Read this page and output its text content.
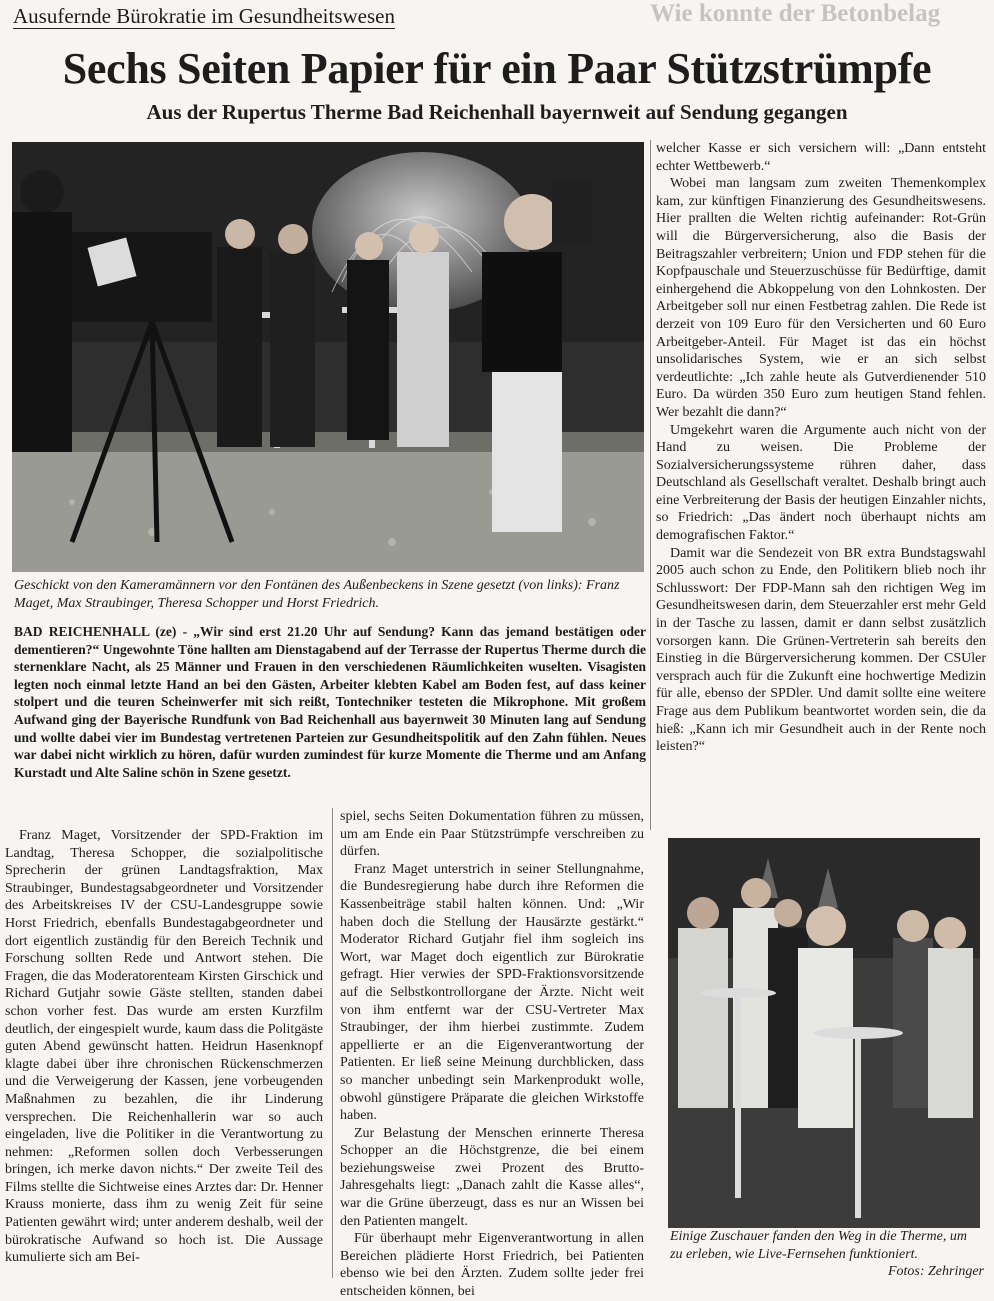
Ausufernde Bürokratie im Gesundheitswesen	Wie konnte der Betonbelag
Sechs Seiten Papier für ein Paar Stützstrümpfe
Aus der Rupertus Therme Bad Reichenhall bayernweit auf Sendung gegangen
Geschickt von den Kameramännern vor den Fontänen des Außenbeckens in Szene gesetzt (von links): Franz Maget, Max Straubinger, Theresa Schopper und Horst Friedrich.
BAD REICHENHALL (ze) - „Wir sind erst 21.20 Uhr auf Sendung? Kann das jemand bestätigen oder dementieren?“ Ungewohnte Töne hallten am Dienstagabend auf der Terrasse der Rupertus Therme durch die sternenklare Nacht, als 25 Männer und Frauen in den verschiedenen Räumlichkeiten wuselten. Visagisten legten noch einmal letzte Hand an bei den Gästen, Arbeiter klebten Kabel am Boden fest, auf dass keiner stolpert und die teuren Scheinwerfer mit sich reißt, Tontechniker testeten die Mikrophone. Mit großem Aufwand ging der Bayerische Rundfunk von Bad Reichenhall aus bayernweit 30 Minuten lang auf Sendung und wollte dabei vier im Bundestag vertretenen Parteien zur Gesundheitspolitik auf den Zahn fühlen. Neues war dabei nicht wirklich zu hören, dafür wurden zumindest für kurze Momente die Therme und am Anfang Kurstadt und Alte Saline schön in Szene gesetzt.

Franz Maget, Vorsitzender der SPD-Fraktion im Landtag, Theresa Schopper, die sozialpolitische Sprecherin der grünen Landtagsfraktion, Max Straubinger, Bundestagsabgeordneter und Vorsitzender des Arbeitskreises IV der CSU-Landesgruppe sowie Horst Friedrich, ebenfalls Bundestagabgeordneter und dort eigentlich zuständig für den Bereich Technik und Forschung sollten Rede und Antwort stehen. Die Fragen, die das Moderatorenteam Kirsten Girschick und Richard Gutjahr sowie Gäste stellten, standen dabei schon vorher fest. Das wurde am ersten Kurzfilm deutlich, der eingespielt wurde, kaum dass die Politgäste guten Abend gewünscht hatten. Heidrun Hasenknopf klagte dabei über ihre chronischen Rückenschmerzen und die Verweigerung der Kassen, jene vorbeugenden Maßnahmen zu bezahlen, die ihr Linderung versprechen. Die Reichenhallerin war so auch eingeladen, live die Politiker in die Verantwortung zu nehmen: „Reformen sollen doch Verbesserungen bringen, ich merke davon nichts.“ Der zweite Teil des Films stellte die Sichtweise eines Arztes dar: Dr. Henner Krauss monierte, dass ihm zu wenig Zeit für seine Patienten gewährt wird; unter anderem deshalb, weil der bürokratische Aufwand so hoch ist. Die Aussage kumulierte sich am Bei-

spiel, sechs Seiten Dokumentation führen zu müssen, um am Ende ein Paar Stützstrümpfe verschreiben zu dürfen.

Franz Maget unterstrich in seiner Stellungnahme, die Bundesregierung habe durch ihre Reformen die Kassenbeiträge stabil halten können. Und: „Wir haben doch die Stellung der Hausärzte gestärkt.“ Moderator Richard Gutjahr fiel ihm sogleich ins Wort, war Maget doch eigentlich zur Bürokratie gefragt. Hier verwies der SPD-Fraktionsvorsitzende auf die Selbstkontrollorgane der Ärzte. Nicht weit von ihm entfernt war der CSU-Vertreter Max Straubinger, der ihm hierbei zustimmte. Zudem appellierte er an die Eigenverantwortung der Patienten. Er ließ seine Meinung durchblicken, dass so mancher unbedingt sein Markenprodukt wolle, obwohl günstigere Präparate die gleichen Wirkstoffe haben.

Zur Belastung der Menschen erinnerte Theresa Schopper an die Höchstgrenze, die bei einem beziehungsweise zwei Prozent des Brutto-Jahresgehalts liegt: „Danach zahlt die Kasse alles“, war die Grüne überzeugt, dass es nur an Wissen bei den Patienten mangelt.

Für überhaupt mehr Eigenverantwortung in allen Bereichen plädierte Horst Friedrich, bei Patienten ebenso wie bei den Ärzten. Zudem sollte jeder frei entscheiden können, bei

welcher Kasse er sich versichern will: „Dann entsteht echter Wettbewerb.“

Wobei man langsam zum zweiten Themenkomplex kam, zur künftigen Finanzierung des Gesundheitswesens. Hier prallten die Welten richtig aufeinander: Rot-Grün will die Bürgerversicherung, also die Basis der Beitragszahler verbreitern; Union und FDP stehen für die Kopfpauschale und Steuerzuschüsse für Bedürftige, damit einhergehend die Abkoppelung von den Lohnkosten. Der Arbeitgeber soll nur einen Festbetrag zahlen. Die Rede ist derzeit von 109 Euro für den Versicherten und 60 Euro Arbeitgeber-Anteil. Für Maget ist das ein höchst unsolidarisches System, wie er an sich selbst verdeutlichte: „Ich zahle heute als Gutverdienender 510 Euro. Da würden 350 Euro zum heutigen Stand fehlen. Wer bezahlt die dann?“

Umgekehrt waren die Argumente auch nicht von der Hand zu weisen. Die Probleme der Sozialversicherungssysteme rühren daher, dass Deutschland als Gesellschaft veraltet. Deshalb bringt auch eine Verbreiterung der Basis der heutigen Einzahler nichts, so Friedrich: „Das ändert noch überhaupt nichts am demografischen Faktor.“

Damit war die Sendezeit von BR extra Bundstagswahl 2005 auch schon zu Ende, den Politikern blieb noch ihr Schlusswort: Der FDP-Mann sah den richtigen Weg im Gesundheitswesen darin, dem Steuerzahler erst mehr Geld in der Tasche zu lassen, damit er dann selbst zusätzlich vorsorgen kann. Die Grünen-Vertreterin sah bereits den Einstieg in die Bürgerversicherung kommen. Der CSUler versprach auch für die Zukunft eine hochwertige Medizin für alle, ebenso der SPDler. Und damit sollte eine weitere Frage aus dem Publikum beantwortet worden sein, die da hieß: „Kann ich mir Gesundheit auch in der Rente noch leisten?“

Einige Zuschauer fanden den Weg in die Therme, um zu erleben, wie Live-Fernsehen funktioniert.
Fotos: Zehringer
